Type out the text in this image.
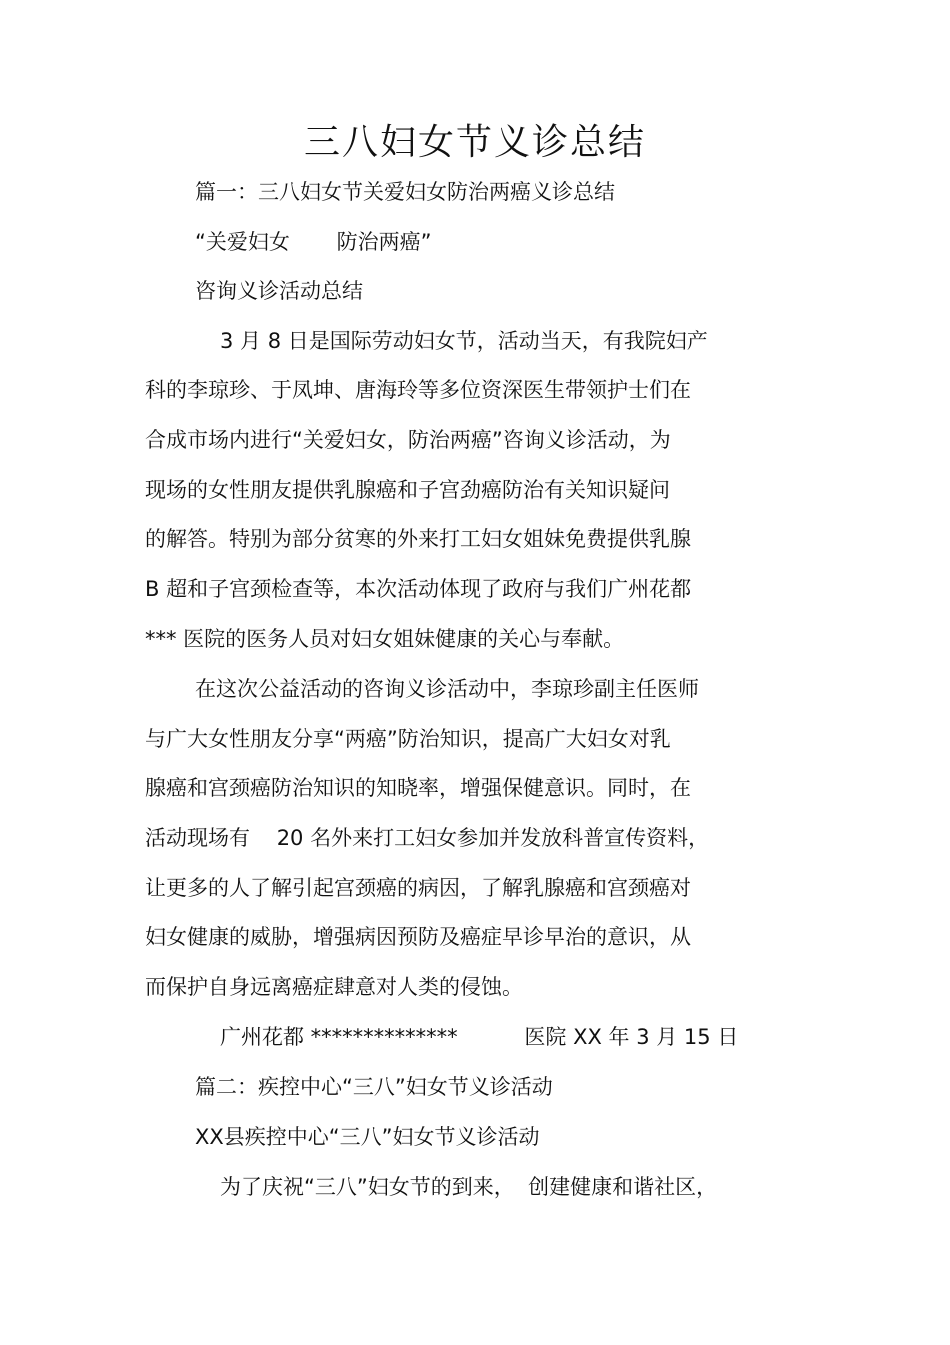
三八妇女节义诊总结
篇一：三八妇女节关爱妇女防治两癌义诊总结
“关爱妇女       防治两癌”
咨询义诊活动总结
3 月 8 日是国际劳动妇女节，活动当天，有我院妇产
科的李琼珍、于凤坤、唐海玲等多位资深医生带领护士们在
合成市场内进行“关爱妇女，防治两癌”咨询义诊活动，为
现场的女性朋友提供乳腺癌和子宫劲癌防治有关知识疑问
的解答。特别为部分贫寒的外来打工妇女姐妹免费提供乳腺
B 超和子宫颈检查等，本次活动体现了政府与我们广州花都
*** 医院的医务人员对妇女姐妹健康的关心与奉献。
在这次公益活动的咨询义诊活动中，李琼珍副主任医师
与广大女性朋友分享“两癌”防治知识，提高广大妇女对乳
腺癌和宫颈癌防治知识的知晓率，增强保健意识。同时，在
活动现场有    20 名外来打工妇女参加并发放科普宣传资料，
让更多的人了解引起宫颈癌的病因，了解乳腺癌和宫颈癌对
妇女健康的威胁，增强病因预防及癌症早诊早治的意识，从
而保护自身远离癌症肆意对人类的侵蚀。
广州花都 **************          医院 XX 年 3 月 15 日
篇二：疾控中心“三八”妇女节义诊活动
XX县疾控中心“三八”妇女节义诊活动
为了庆祝“三八”妇女节的到来，  创建健康和谐社区，
